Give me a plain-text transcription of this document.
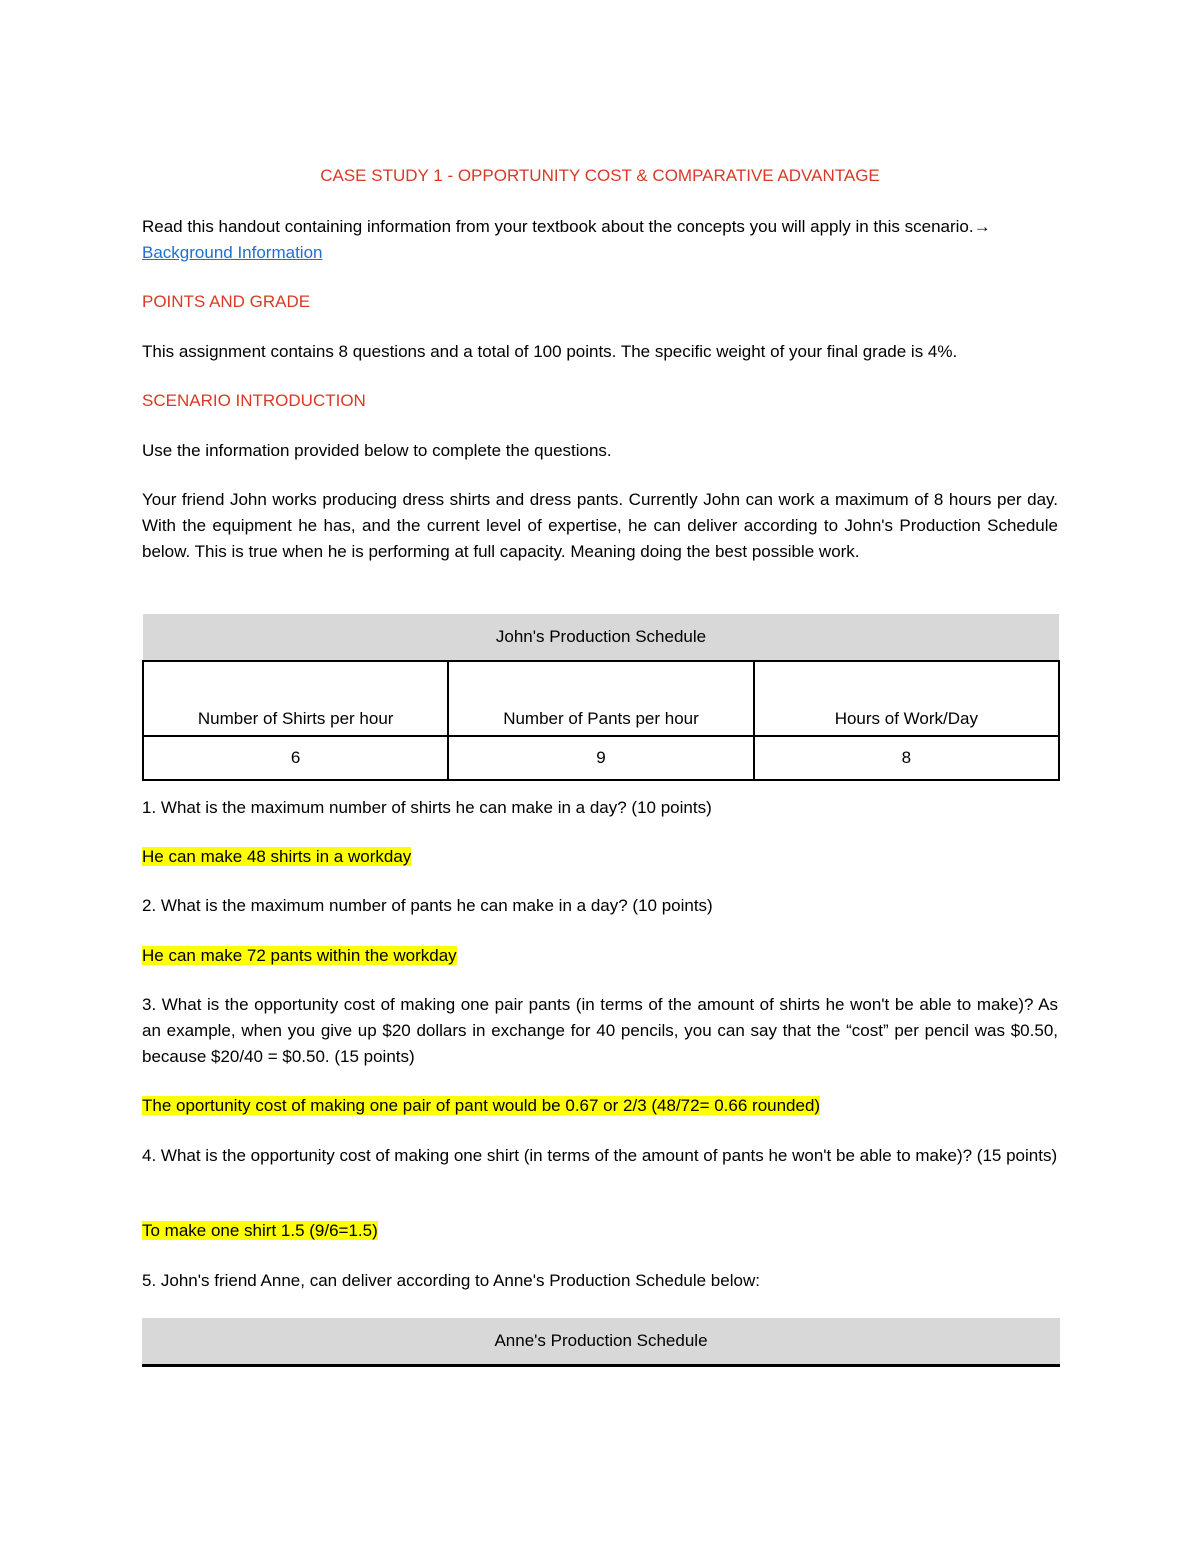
CASE STUDY 1 - OPPORTUNITY COST & COMPARATIVE ADVANTAGE
Read this handout containing information from your textbook about the concepts you will apply in this scenario.→
Background Information
POINTS AND GRADE
This assignment contains 8 questions and a total of 100 points. The specific weight of your final grade is 4%.
SCENARIO INTRODUCTION
Use the information provided below to complete the questions.
Your friend John works producing dress shirts and dress pants. Currently John can work a maximum of 8 hours per day. With the equipment he has, and the current level of expertise, he can deliver according to John's Production Schedule below. This is true when he is performing at full capacity. Meaning doing the best possible work.
John's Production Schedule		
Number of Shirts per hour	Number of Pants per hour	Hours of Work/Day
6	9	8
1. What is the maximum number of shirts he can make in a day? (10 points)
He can make 48 shirts in a workday
2. What is the maximum number of pants he can make in a day? (10 points)
He can make 72 pants within the workday
3. What is the opportunity cost of making one pair pants (in terms of the amount of shirts he won't be able to make)? As an example, when you give up $20 dollars in exchange for 40 pencils, you can say that the “cost” per pencil was $0.50, because $20/40 = $0.50. (15 points)
The oportunity cost of making one pair of pant would be 0.67 or 2/3 (48/72= 0.66 rounded)
4. What is the opportunity cost of making one shirt (in terms of the amount of pants he won't be able to make)? (15 points)
To make one shirt 1.5 (9/6=1.5)
5. John's friend Anne, can deliver according to Anne's Production Schedule below:
Anne's Production Schedule
